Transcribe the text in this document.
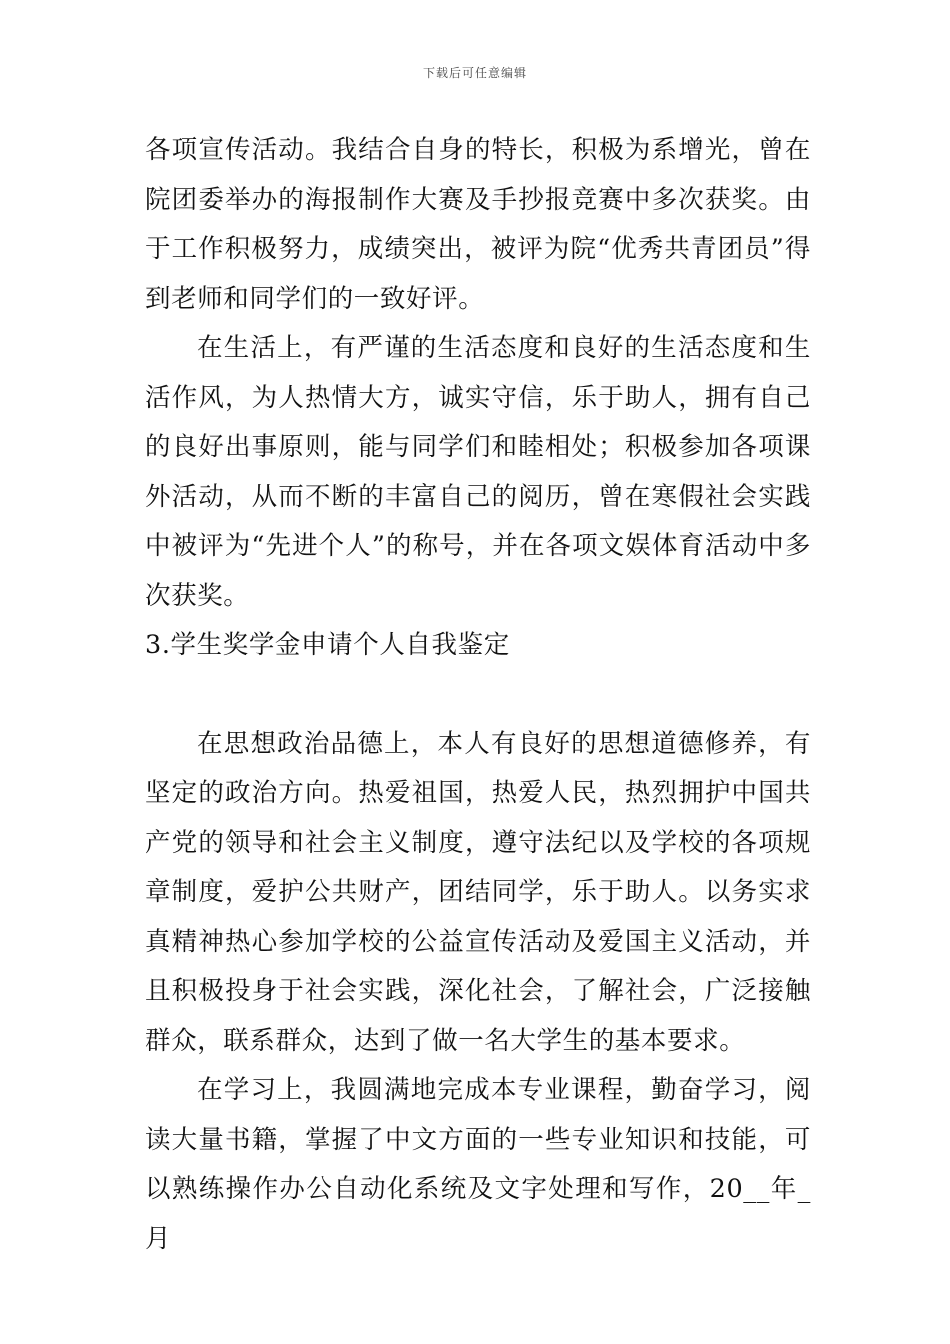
下载后可任意编辑

各项宣传活动。我结合自身的特长，积极为系增光，曾在院团委举办的海报制作大赛及手抄报竞赛中多次获奖。由于工作积极努力，成绩突出，被评为院“优秀共青团员”得到老师和同学们的一致好评。

在生活上，有严谨的生活态度和良好的生活态度和生活作风，为人热情大方，诚实守信，乐于助人，拥有自己的良好出事原则，能与同学们和睦相处；积极参加各项课外活动，从而不断的丰富自己的阅历，曾在寒假社会实践中被评为“先进个人”的称号，并在各项文娱体育活动中多次获奖。

3.学生奖学金申请个人自我鉴定

在思想政治品德上，本人有良好的思想道德修养，有坚定的政治方向。热爱祖国，热爱人民，热烈拥护中国共产党的领导和社会主义制度，遵守法纪以及学校的各项规章制度，爱护公共财产，团结同学，乐于助人。以务实求真精神热心参加学校的公益宣传活动及爱国主义活动，并且积极投身于社会实践，深化社会，了解社会，广泛接触群众，联系群众，达到了做一名大学生的基本要求。

在学习上，我圆满地完成本专业课程，勤奋学习，阅读大量书籍，掌握了中文方面的一些专业知识和技能，可以熟练操作办公自动化系统及文字处理和写作，20__年_月
